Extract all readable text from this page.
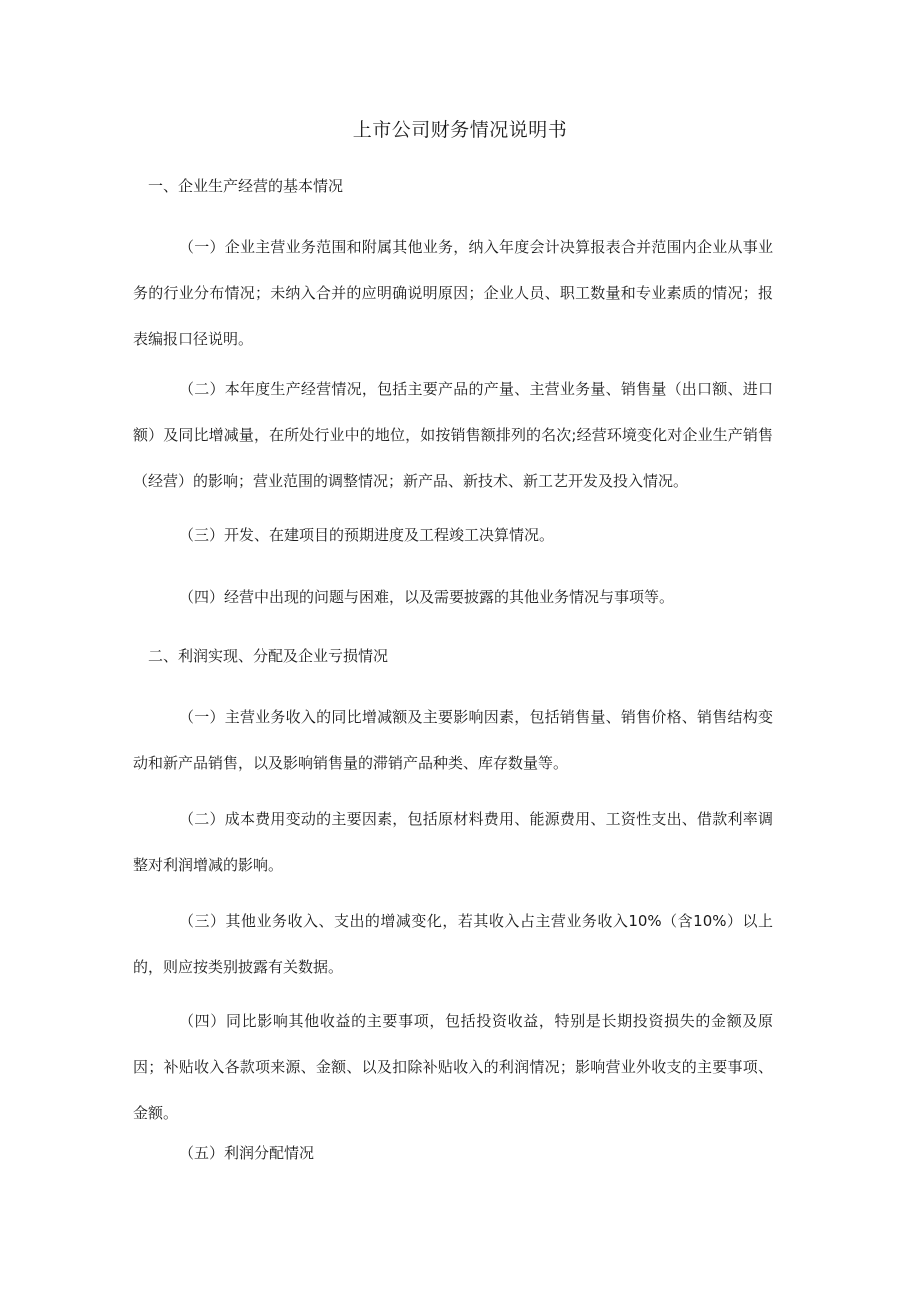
上市公司财务情况说明书
一、企业生产经营的基本情况

（一）企业主营业务范围和附属其他业务，纳入年度会计决算报表合并范围内企业从事业务的行业分布情况；未纳入合并的应明确说明原因；企业人员、职工数量和专业素质的情况；报表编报口径说明。

（二）本年度生产经营情况，包括主要产品的产量、主营业务量、销售量（出口额、进口额）及同比增减量，在所处行业中的地位，如按销售额排列的名次;经营环境变化对企业生产销售（经营）的影响；营业范围的调整情况；新产品、新技术、新工艺开发及投入情况。

（三）开发、在建项目的预期进度及工程竣工决算情况。

（四）经营中出现的问题与困难，以及需要披露的其他业务情况与事项等。

二、利润实现、分配及企业亏损情况

（一）主营业务收入的同比增减额及主要影响因素，包括销售量、销售价格、销售结构变动和新产品销售，以及影响销售量的滞销产品种类、库存数量等。

（二）成本费用变动的主要因素，包括原材料费用、能源费用、工资性支出、借款利率调整对利润增减的影响。

（三）其他业务收入、支出的增减变化，若其收入占主营业务收入10%（含10%）以上的，则应按类别披露有关数据。

（四）同比影响其他收益的主要事项，包括投资收益，特别是长期投资损失的金额及原因；补贴收入各款项来源、金额、以及扣除补贴收入的利润情况；影响营业外收支的主要事项、金额。

（五）利润分配情况
